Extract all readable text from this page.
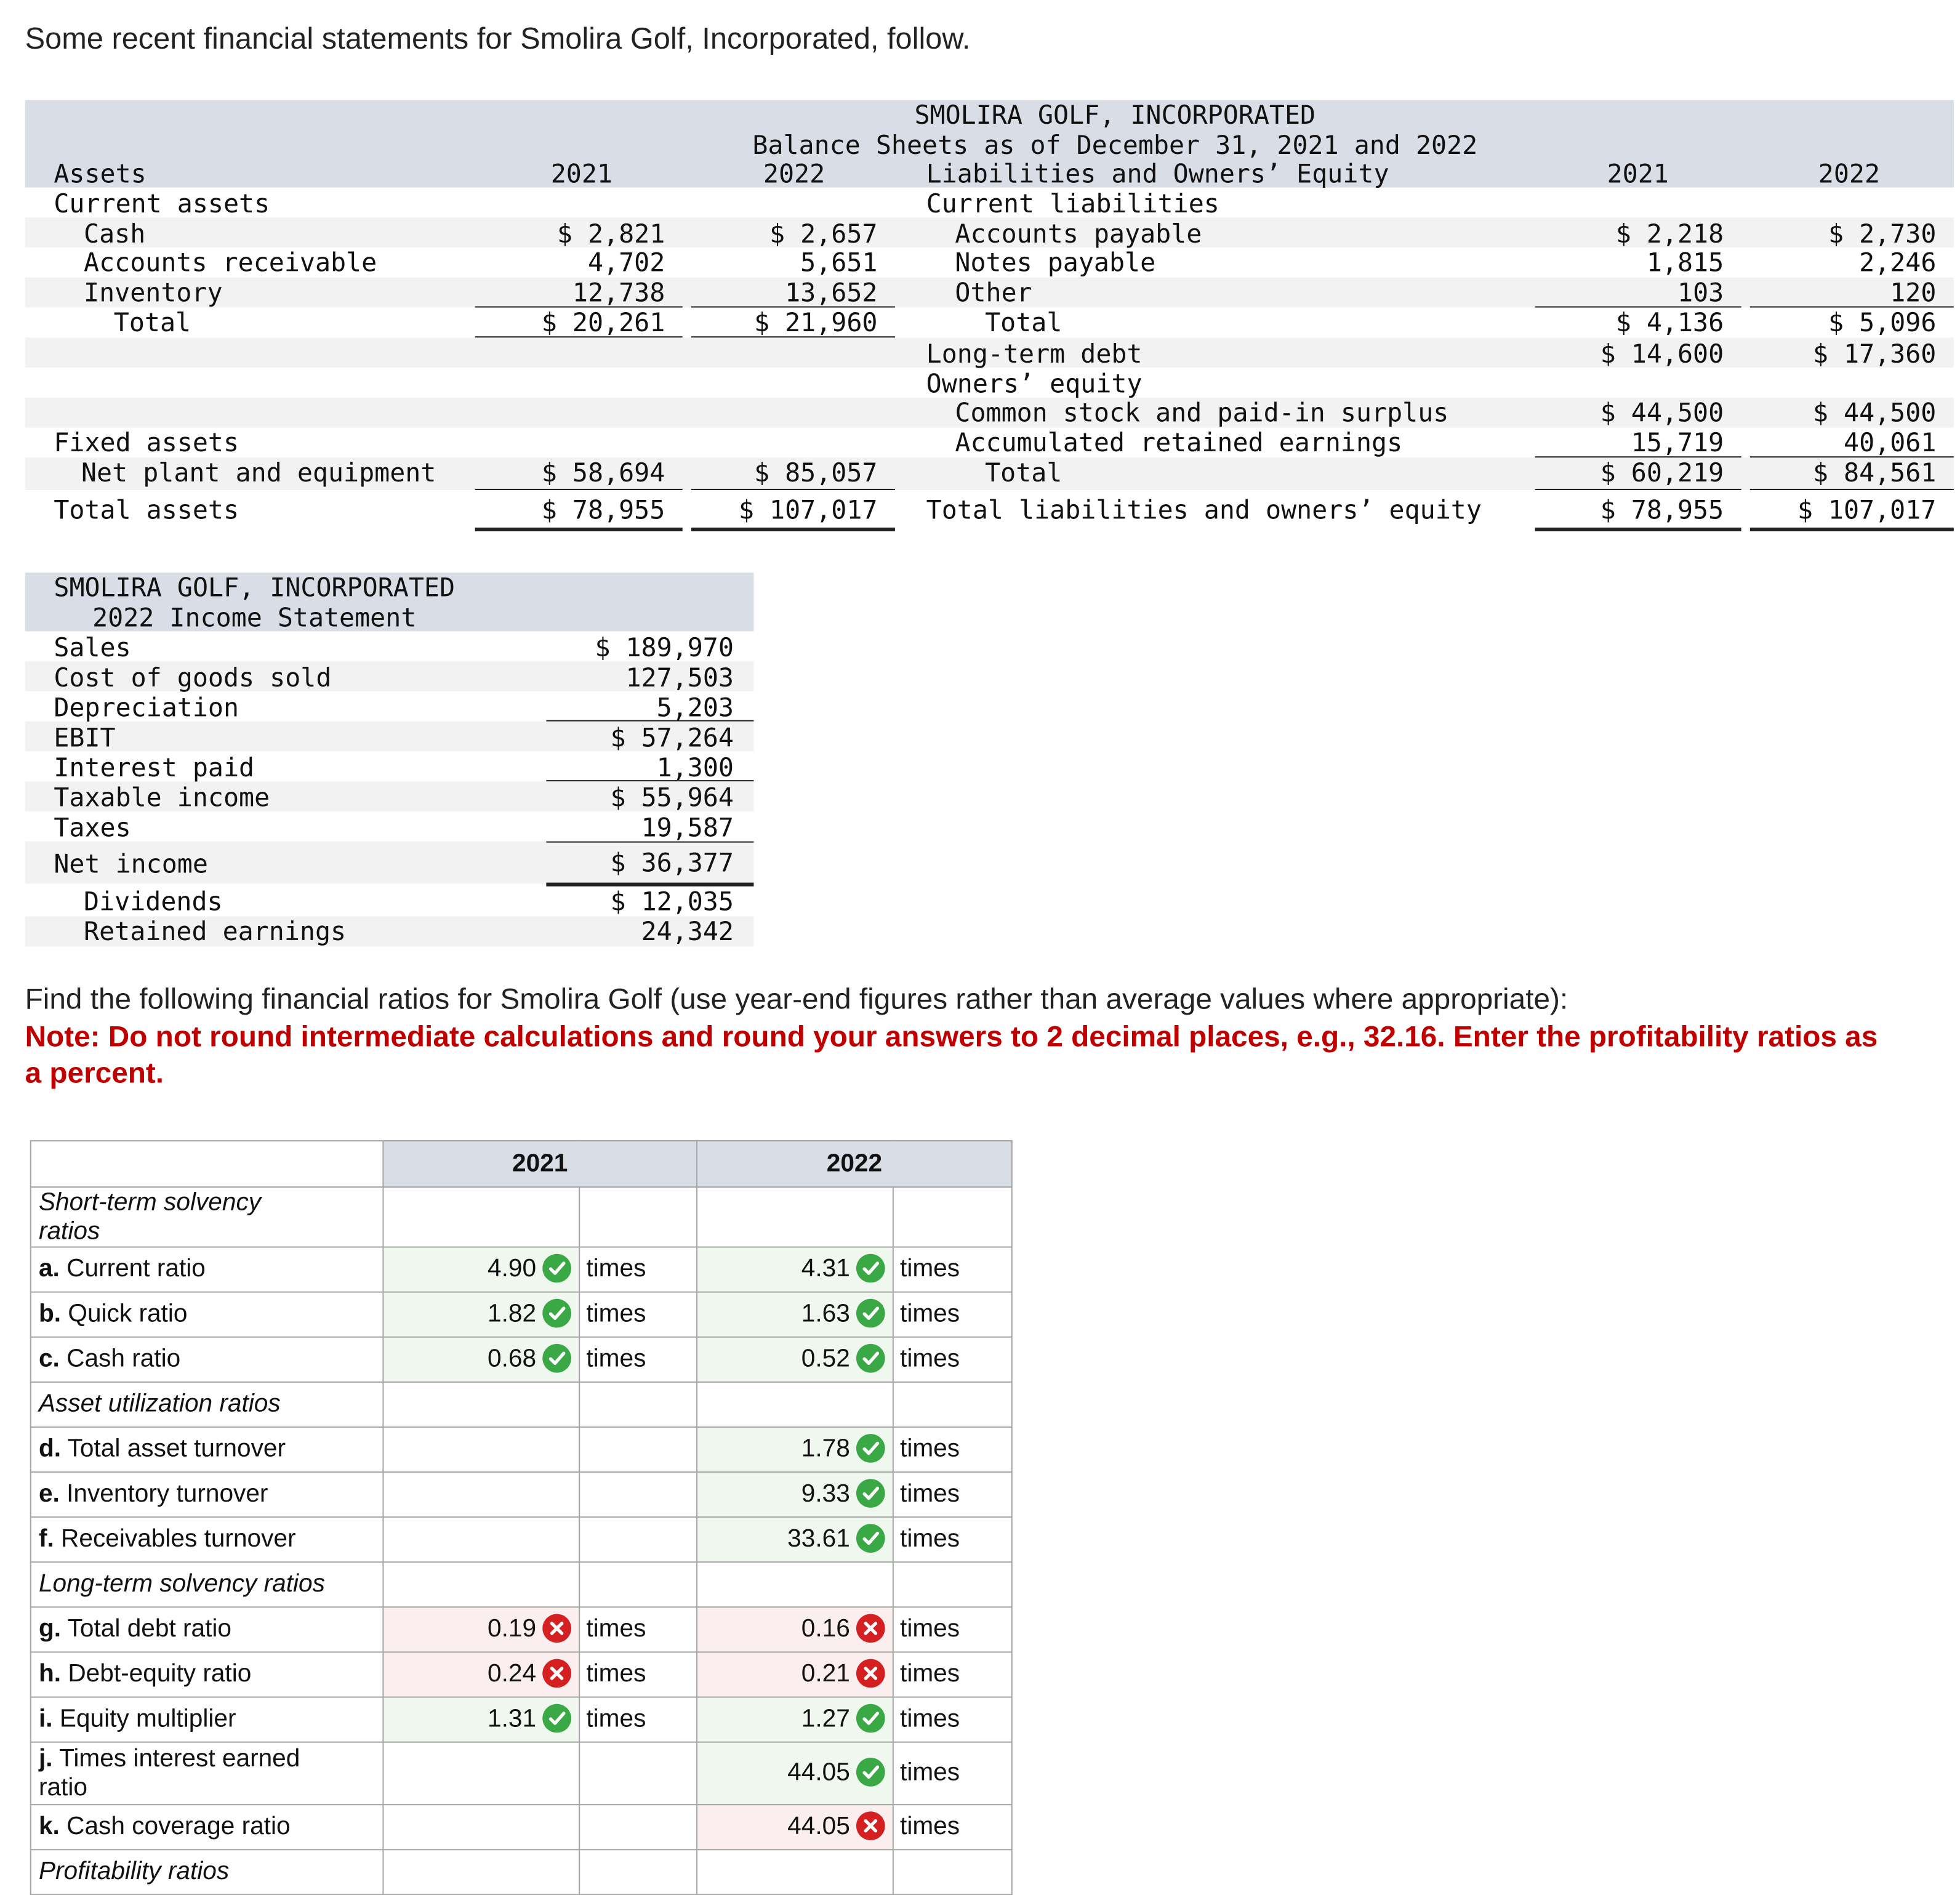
Some recent financial statements for Smolira Golf, Incorporated, follow.
SMOLIRA GOLF, INCORPORATED
Balance Sheets as of December 31, 2021 and 2022
Assets	2021	2022	Liabilities and Owners’ Equity	2021	2022
Current assets	Current liabilities
Cash	$ 2,821	$ 2,657	Accounts payable	$ 2,218	$ 2,730
Accounts receivable	4,702	5,651	Notes payable	1,815	2,246
Inventory	12,738	13,652	Other	103	120
Total	$ 20,261	$ 21,960	Total	$ 4,136	$ 5,096
Long-term debt	$ 14,600	$ 17,360
Owners’ equity
Common stock and paid-in surplus	$ 44,500	$ 44,500
Fixed assets	Accumulated retained earnings	15,719	40,061
Net plant and equipment	$ 58,694	$ 85,057	Total	$ 60,219	$ 84,561
Total assets	$ 78,955	$ 107,017	Total liabilities and owners’ equity	$ 78,955	$ 107,017
SMOLIRA GOLF, INCORPORATED
2022 Income Statement
Sales	$ 189,970
Cost of goods sold	127,503
Depreciation	5,203
EBIT	$ 57,264
Interest paid	1,300
Taxable income	$ 55,964
Taxes	19,587
Net income	$ 36,377
Dividends	$ 12,035
Retained earnings	24,342
Find the following financial ratios for Smolira Golf (use year-end figures rather than average values where appropriate):
Note: Do not round intermediate calculations and round your answers to 2 decimal places, e.g., 32.16. Enter the profitability ratios as a percent.
	2021		2022	
Short-term solvency ratios				
a. Current ratio	4.90	times	4.31	times
b. Quick ratio	1.82	times	1.63	times
c. Cash ratio	0.68	times	0.52	times
Asset utilization ratios				
d. Total asset turnover			1.78	times
e. Inventory turnover			9.33	times
f. Receivables turnover			33.61	times
Long-term solvency ratios				
g. Total debt ratio	0.19	times	0.16	times
h. Debt-equity ratio	0.24	times	0.21	times
i. Equity multiplier	1.31	times	1.27	times
j. Times interest earned ratio			44.05	times
k. Cash coverage ratio			44.05	times
Profitability ratios				
